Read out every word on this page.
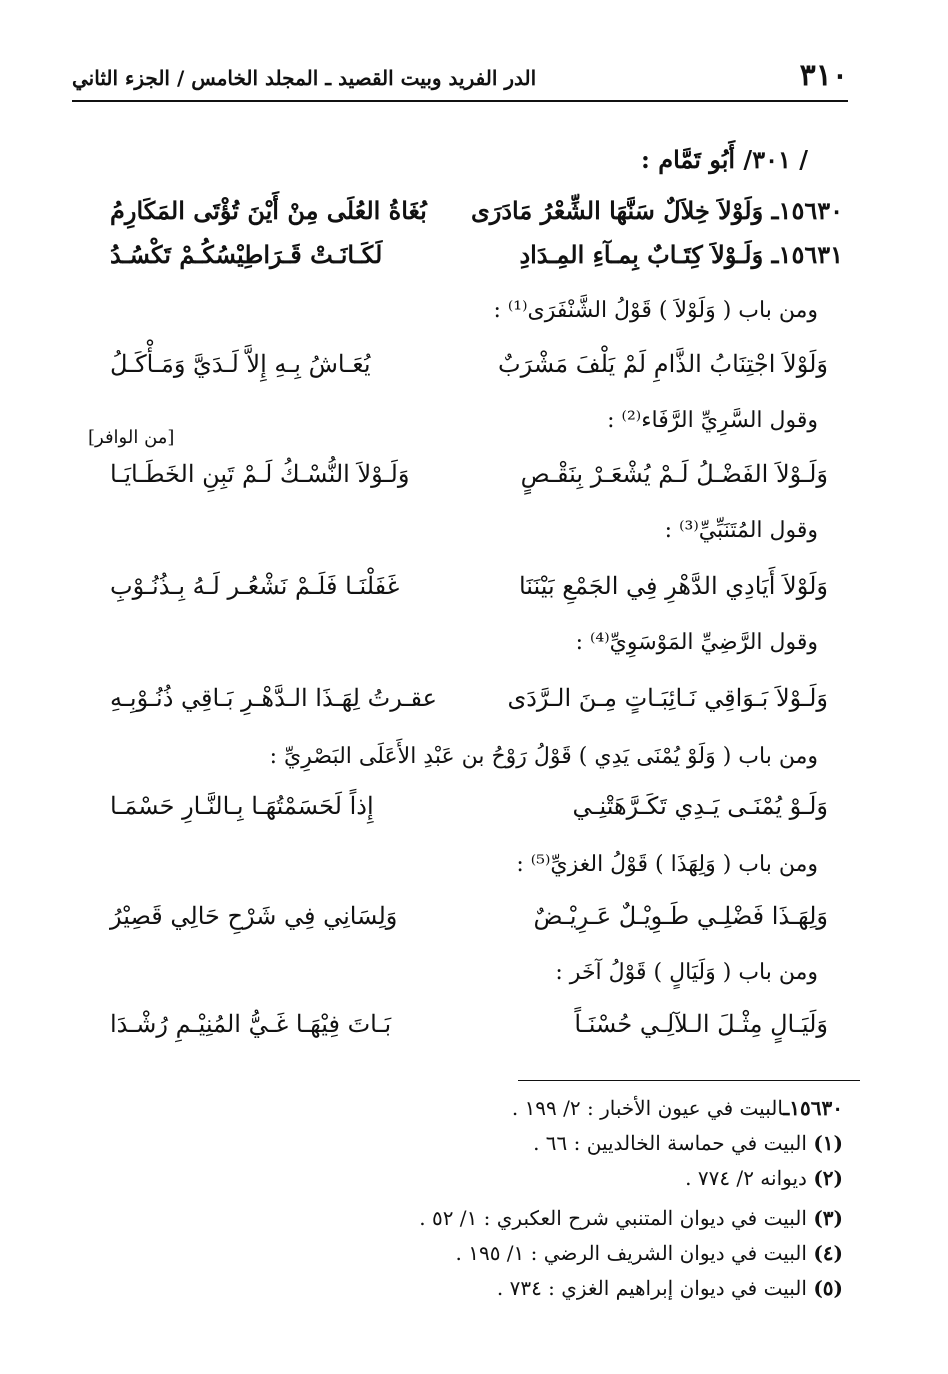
٣١٠
الدر الفريد وبيت القصيد ـ المجلد الخامس / الجزء الثاني
/ ٣٠١/ أَبُو تَمَّام :
١٥٦٣٠ـ وَلَوْلاَ خِلاَلٌ سَنَّهَا الشِّعْرُ مَادَرَى
بُغَاةُ العُلَى مِنْ أَيْنَ تُؤْتَى المَكَارِمُ
١٥٦٣١ـ وَلَـوْلاَ كِتَـابٌ بِمـآءِ المِـدَادِ
لَكَـانَـتْ قَـرَاطِيْسُكُـمْ تَكْسُـدُ
ومن باب ( وَلَوْلاَ ) قَوْلُ الشَّنْفَرَى⁽¹⁾ :
وَلَوْلاَ اجْتِنَابُ الذَّامِ لَمْ يَلْفَ مَشْرَبٌ
يُعَـاشُ بِـهِ إِلاَّ لَـدَيَّ وَمَـأْكَـلُ
وقول السَّرِيِّ الرَّفَاء⁽²⁾ :
[من الوافر]
وَلَـوْلاَ الفَضْـلُ لَـمْ يُشْعَـرْ بِنَقْـصٍ
وَلَـوْلاَ النُّسْـكُ لَـمْ تَبِنِ الخَطَـايَـا
وقول المُتَنَبِّيِّ⁽³⁾ :
وَلَوْلاَ أَيَادِي الدَّهْرِ فِي الجَمْعِ بَيْنَنَا
غَفَلْنَـا فَلَـمْ نَشْعُـر لَـهُ بِـذُنُـوْبِ
وقول الرَّضِيِّ المَوْسَوِيِّ⁽⁴⁾ :
وَلَـوْلاَ بَـوَاقِي نَـائِبَـاتٍ مِـنَ الـرَّدَى
عقـرتُ لِهَـذَا الـدَّهْـرِ بَـاقِي ذُنُـوْبِـهِ
ومن باب ( وَلَوْ يُمْنَى يَدِي ) قَوْلُ رَوْحُ بن عَبْدِ الأَعَلَى البَصْرِيِّ :
وَلَـوْ يُمْنَـى يَـدِي تَكَـرَّهَتْنِـي
إِذاً لَحَسَمْتُهَـا بِـالنَّـارِ حَسْمَـا
ومن باب ( وَلِهَذَا ) قَوْلُ الغزيِّ⁽⁵⁾ :
وَلِهَـذَا فَضْلِـي طَـوِيْـلٌ عَـرِيْـضٌ
وَلِسَانِي فِي شَرْحِ حَالِي قَصِيْرُ
ومن باب ( وَلَيَالٍ ) قَوْلُ آخَر :
وَلَيَـالٍ مِثْـلَ الـلآلِـي حُسْنَـاً
بَـاتَ فِيْهَـا غَـيُّ المُنِيْـمِ رُشْـدَا
١٥٦٣٠ـالبيت في عيون الأخبار : ٢/ ١٩٩ .
(١) البيت في حماسة الخالديين : ٦٦ .
(٢) ديوانه ٢/ ٧٧٤ .
(٣) البيت في ديوان المتنبي شرح العكبري : ١/ ٥٢ .
(٤) البيت في ديوان الشريف الرضي : ١/ ١٩٥ .
(٥) البيت في ديوان إبراهيم الغزي : ٧٣٤ .
